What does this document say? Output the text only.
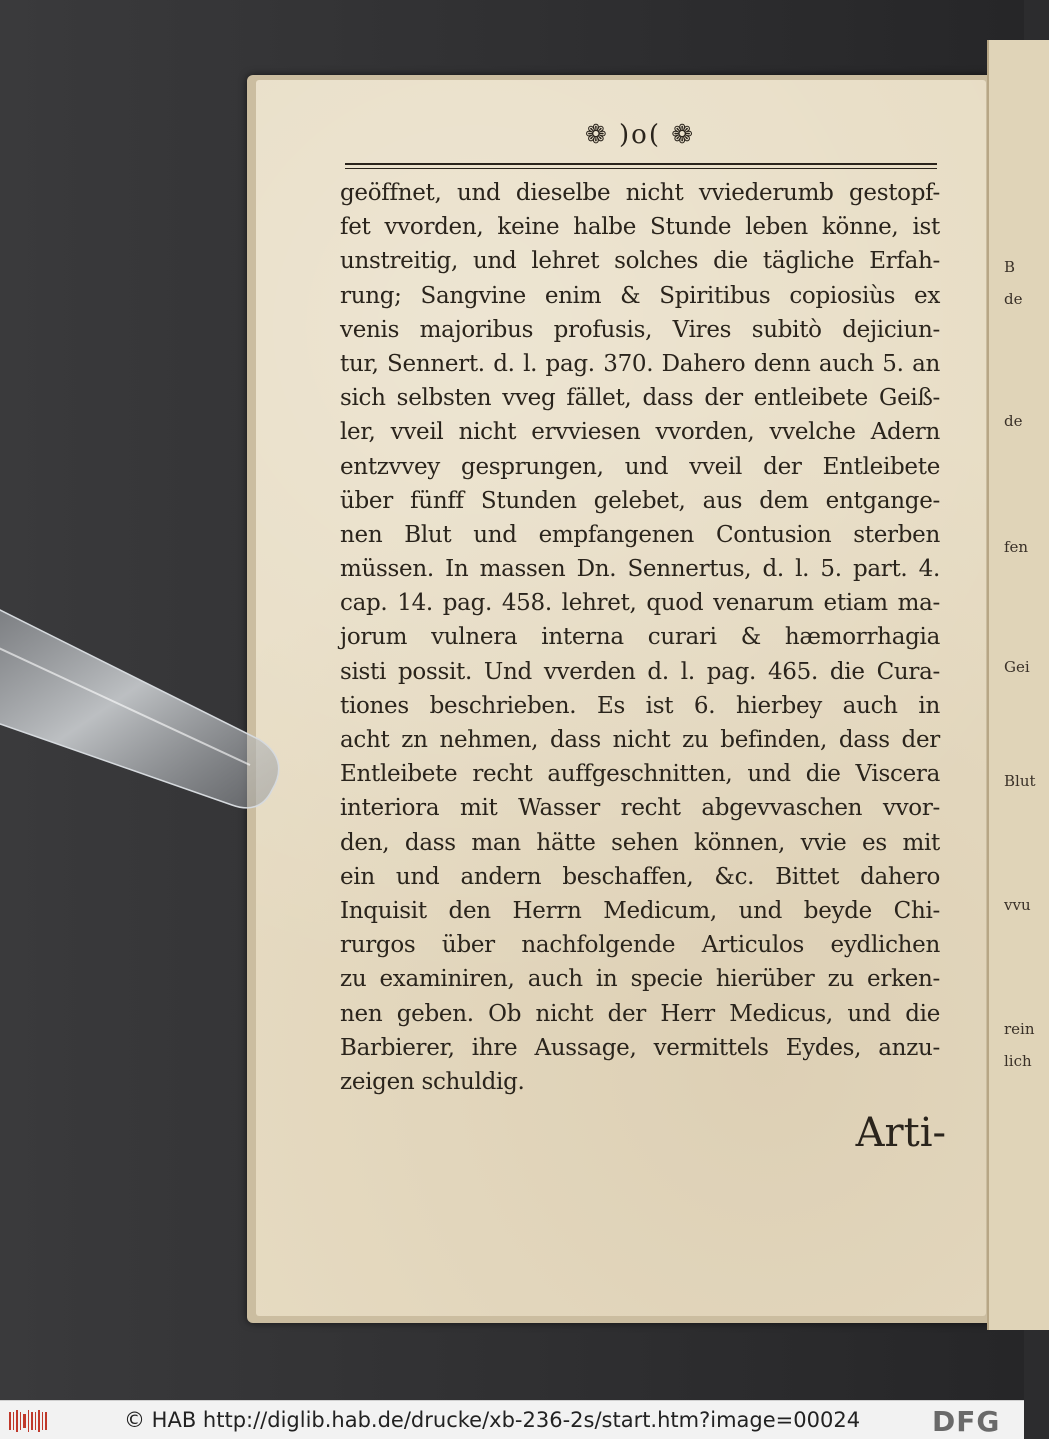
B
de
de
fen
Gei
Blut
vvu
rein
lich
❁ )o( ❁
geöffnet, und dieselbe nicht vviederumb gestopf-
fet vvorden, keine halbe Stunde leben könne, ist
unstreitig, und lehret solches die tägliche Erfah-
rung; Sangvine enim & Spiritibus copiosiùs ex
venis majoribus profusis, Vires subitò dejiciun-
tur, Sennert. d. l. pag. 370. Dahero denn auch 5. an
sich selbsten vveg fället, dass der entleibete Geiß-
ler, vveil nicht ervviesen vvorden, vvelche Adern
entzvvey gesprungen, und vveil der Entleibete
über fünff Stunden gelebet, aus dem entgange-
nen Blut und empfangenen Contusion sterben
müssen. In massen Dn. Sennertus, d. l. 5. part. 4.
cap. 14. pag. 458. lehret, quod venarum etiam ma-
jorum vulnera interna curari & hæmorrhagia
sisti possit. Und vverden d. l. pag. 465. die Cura-
tiones beschrieben. Es ist 6. hierbey auch in
acht zn nehmen, dass nicht zu befinden, dass der
Entleibete recht auffgeschnitten, und die Viscera
interiora mit Wasser recht abgevvaschen vvor-
den, dass man hätte sehen können, vvie es mit
ein und andern beschaffen, &c. Bittet dahero
Inquisit den Herrn Medicum, und beyde Chi-
rurgos über nachfolgende Articulos eydlichen
zu examiniren, auch in specie hierüber zu erken-
nen geben. Ob nicht der Herr Medicus, und die
Barbierer, ihre Aussage, vermittels Eydes, anzu-
zeigen schuldig.
Arti-
© HAB http://diglib.hab.de/drucke/xb-236-2s/start.htm?image=00024	DFG
